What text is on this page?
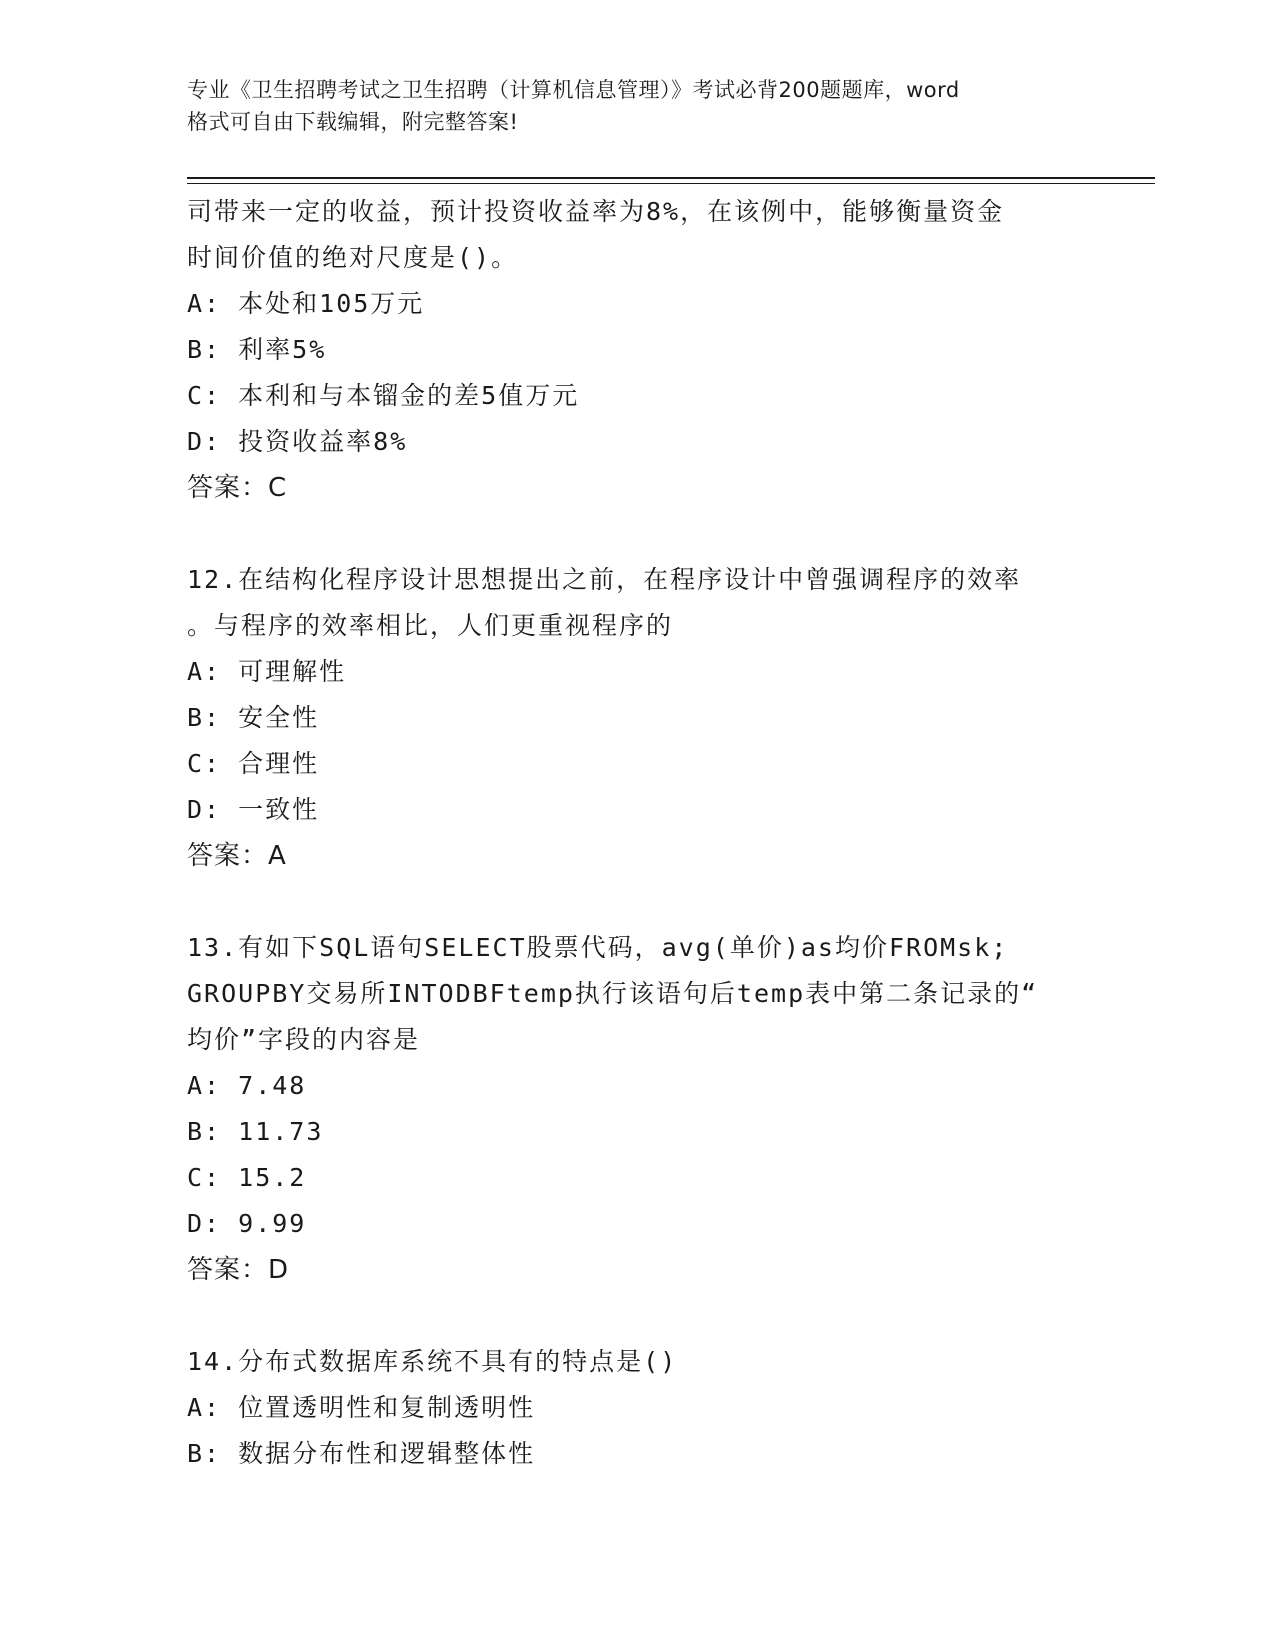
专业《卫生招聘考试之卫生招聘（计算机信息管理）》考试必背200题题库，word
格式可自由下载编辑，附完整答案!
司带来一定的收益，预计投资收益率为8%，在该例中，能够衡量资金
时间价值的绝对尺度是()。
A: 本处和105万元
B: 利率5%
C: 本利和与本镏金的差5值万元
D: 投资收益率8%
答案：C
12.在结构化程序设计思想提出之前，在程序设计中曾强调程序的效率
。与程序的效率相比，人们更重视程序的
A: 可理解性
B: 安全性
C: 合理性
D: 一致性
答案：A
13.有如下SQL语句SELECT股票代码，avg(单价)as均价FROMsk;
GROUPBY交易所INTODBFtemp执行该语句后temp表中第二条记录的“
均价”字段的内容是
A: 7.48
B: 11.73
C: 15.2
D: 9.99
答案：D
14.分布式数据库系统不具有的特点是()
A: 位置透明性和复制透明性
B: 数据分布性和逻辑整体性
